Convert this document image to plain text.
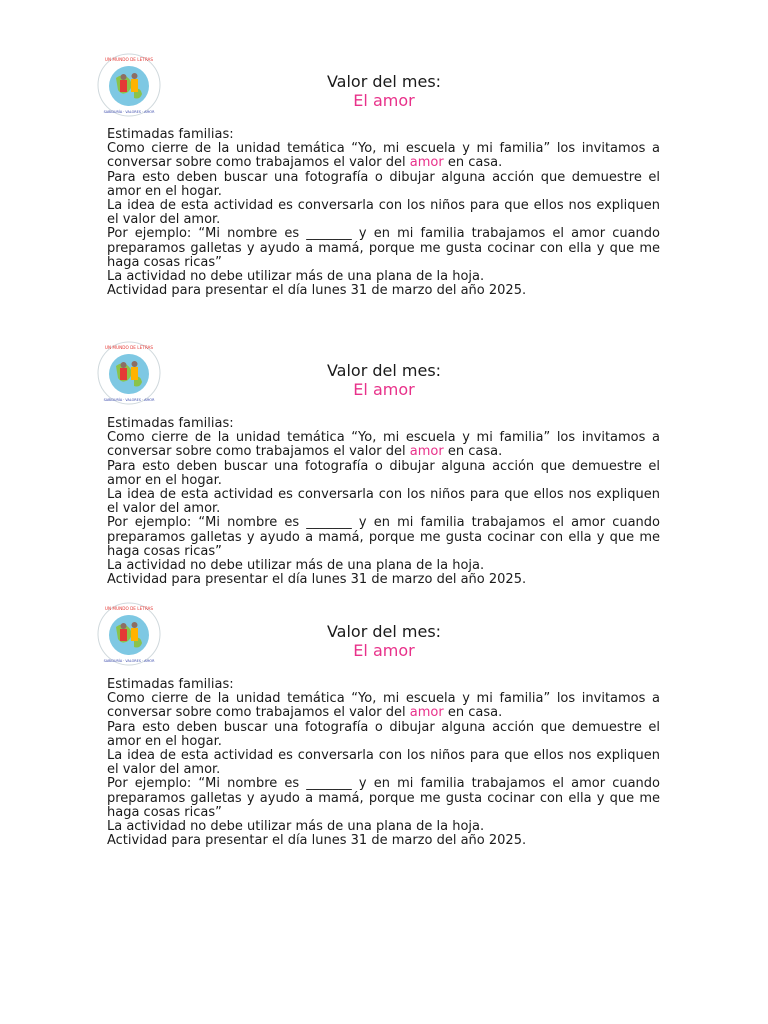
UN MUNDO DE LETRAS
SABIDURÍA · VALORES · AMOR
Valor del mes:
El amor

Estimadas familias:

Como cierre de la unidad temática “Yo, mi escuela y mi familia” los invitamos a conversar sobre como trabajamos el valor del amor en casa.

Para esto deben buscar una fotografía o dibujar alguna acción que demuestre el amor en el hogar.

La idea de esta actividad es conversarla con los niños para que ellos nos expliquen el valor del amor.

Por ejemplo: “Mi nombre es _______ y en mi familia trabajamos el amor cuando preparamos galletas y ayudo a mamá, porque me gusta cocinar con ella y que me haga cosas ricas”

La actividad no debe utilizar más de una plana de la hoja.

Actividad para presentar el día lunes 31 de marzo del año 2025.

UN MUNDO DE LETRAS
SABIDURÍA · VALORES · AMOR
Valor del mes:
El amor

Estimadas familias:

Como cierre de la unidad temática “Yo, mi escuela y mi familia” los invitamos a conversar sobre como trabajamos el valor del amor en casa.

Para esto deben buscar una fotografía o dibujar alguna acción que demuestre el amor en el hogar.

La idea de esta actividad es conversarla con los niños para que ellos nos expliquen el valor del amor.

Por ejemplo: “Mi nombre es _______ y en mi familia trabajamos el amor cuando preparamos galletas y ayudo a mamá, porque me gusta cocinar con ella y que me haga cosas ricas”

La actividad no debe utilizar más de una plana de la hoja.

Actividad para presentar el día lunes 31 de marzo del año 2025.

UN MUNDO DE LETRAS
SABIDURÍA · VALORES · AMOR
Valor del mes:
El amor

Estimadas familias:

Como cierre de la unidad temática “Yo, mi escuela y mi familia” los invitamos a conversar sobre como trabajamos el valor del amor en casa.

Para esto deben buscar una fotografía o dibujar alguna acción que demuestre el amor en el hogar.

La idea de esta actividad es conversarla con los niños para que ellos nos expliquen el valor del amor.

Por ejemplo: “Mi nombre es _______ y en mi familia trabajamos el amor cuando preparamos galletas y ayudo a mamá, porque me gusta cocinar con ella y que me haga cosas ricas”

La actividad no debe utilizar más de una plana de la hoja.

Actividad para presentar el día lunes 31 de marzo del año 2025.
